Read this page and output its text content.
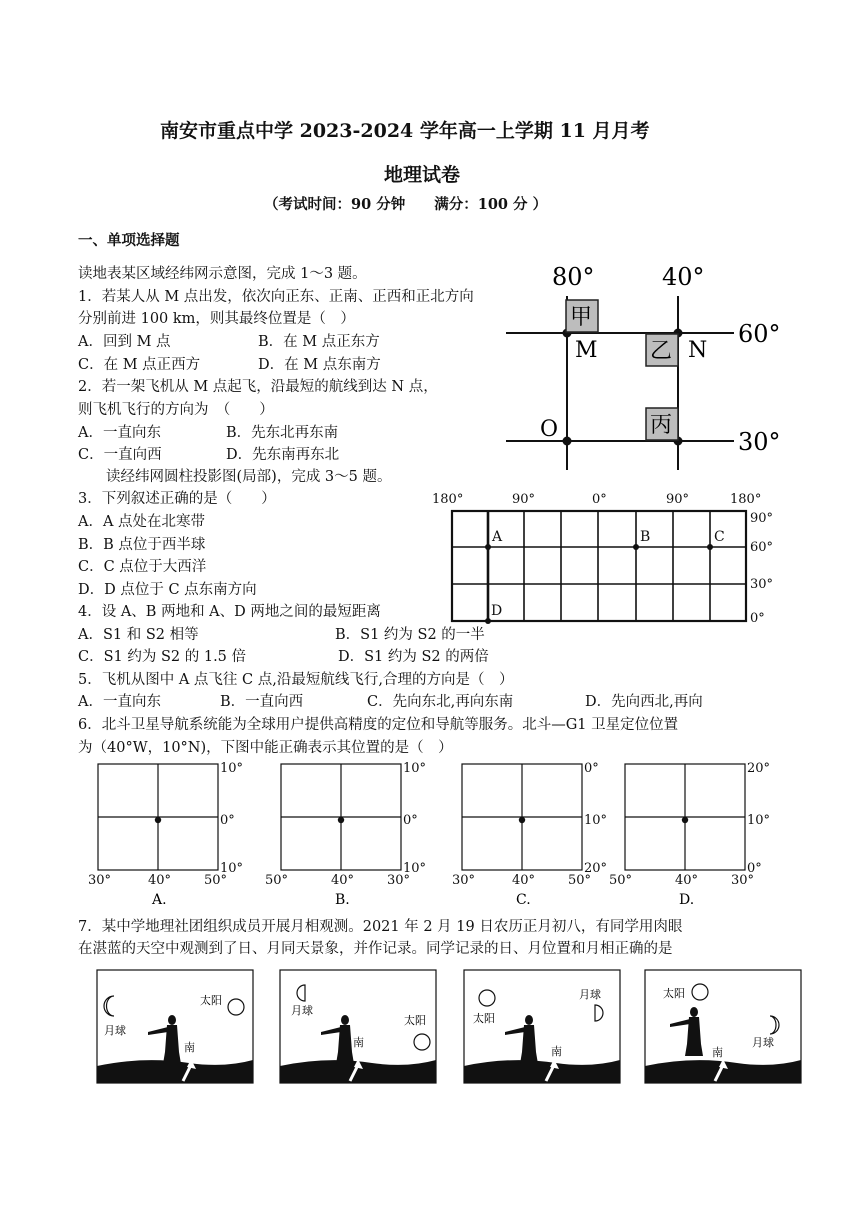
南安市重点中学 2023-2024 学年高一上学期 11 月月考
地理试卷
（考试时间：90 分钟　　满分：100 分 ）
一、单项选择题
读地表某区域经纬网示意图，完成 1～3 题。
1．若某人从 M 点出发，依次向正东、正南、正西和正北方向
分别前进 100 km，则其最终位置是（　）
A．回到 M 点	B．在 M 点正东方
C．在 M 点正西方	D．在 M 点东南方
2．若一架飞机从 M 点起飞，沿最短的航线到达 N 点，
则飞机飞行的方向为　（　　）
A．一直向东	B．先东北再东南
C．一直向西	D．先东南再东北
80°	40°
60°
30°
M	N
O
甲
乙
丙
读经纬网圆柱投影图(局部)，完成 3～5 题。
3．下列叙述正确的是（　　）
A．A 点处在北寒带
B．B 点位于西半球
C．C 点位于大西洋
D．D 点位于 C 点东南方向
4．设 A、B 两地和 A、D 两地之间的最短距离
180°	90°	0°	90°	180°
90°
60°
30°
0°
A	B	C
D
A．S1 和 S2 相等	B．S1 约为 S2 的一半
C．S1 约为 S2 的 1.5 倍	D．S1 约为 S2 的两倍
5．飞机从图中 A 点飞往 C 点,沿最短航线飞行,合理的方向是（　）
A．一直向东	B．一直向西	C．先向东北,再向东南	D．先向西北,再向
6．北斗卫星导航系统能为全球用户提供高精度的定位和导航等服务。北斗—G1 卫星定位位置
为（40°W，10°N)，下图中能正确表示其位置的是（　）
10°
0°
10°
30°	40°	50°
A.
10°
0°
10°
50°	40°	30°
B.
0°
10°
20°
30°	40°	50°
C.
20°
10°
0°
50°	40°	30°
D.
7．某中学地理社团组织成员开展月相观测。2021 年 2 月 19 日农历正月初八，有同学用肉眼
在湛蓝的天空中观测到了日、月同天景象，并作记录。同学记录的日、月位置和月相正确的是
太阳
月球
南
月球
太阳
南
太阳
月球
南
太阳
月球
南
